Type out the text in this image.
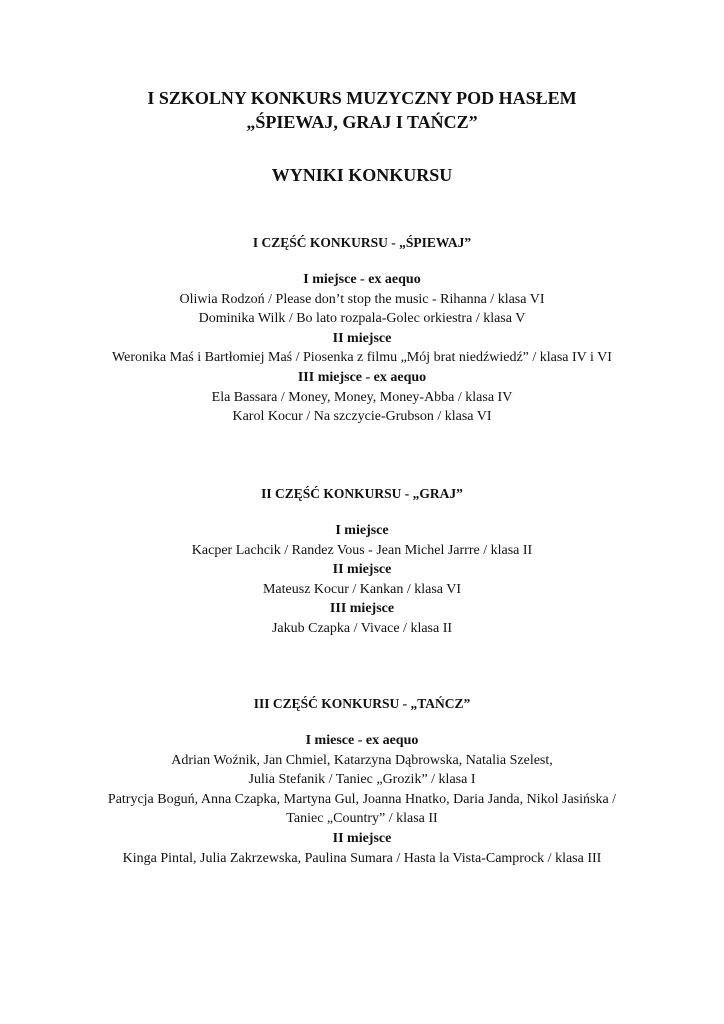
I SZKOLNY KONKURS MUZYCZNY POD HASŁEM
„ŚPIEWAJ, GRAJ I TAŃCZ”
WYNIKI KONKURSU
I CZĘŚĆ KONKURSU - „ŚPIEWAJ”
I miejsce - ex aequo
Oliwia Rodzoń / Please don’t stop the music - Rihanna / klasa VI
Dominika Wilk / Bo lato rozpala-Golec orkiestra / klasa V
II miejsce
Weronika Maś i Bartłomiej Maś / Piosenka z filmu „Mój brat niedźwiedź” / klasa IV i VI
III miejsce - ex aequo
Ela Bassara / Money, Money, Money-Abba / klasa IV
Karol Kocur / Na szczycie-Grubson / klasa VI
II CZĘŚĆ KONKURSU - „GRAJ”
I miejsce
Kacper Lachcik / Randez Vous - Jean Michel Jarrre / klasa II
II miejsce
Mateusz Kocur / Kankan / klasa VI
III miejsce
Jakub Czapka / Vivace / klasa II
III CZĘŚĆ KONKURSU - „TAŃCZ”
I miesce - ex aequo
Adrian Woźnik, Jan Chmiel, Katarzyna Dąbrowska, Natalia Szelest,
Julia Stefanik / Taniec „Grozik” / klasa I
Patrycja Boguń, Anna Czapka, Martyna Gul, Joanna Hnatko, Daria Janda, Nikol Jasińska /
Taniec „Country” / klasa II
II miejsce
Kinga Pintal, Julia Zakrzewska, Paulina Sumara / Hasta la Vista-Camprock / klasa III
